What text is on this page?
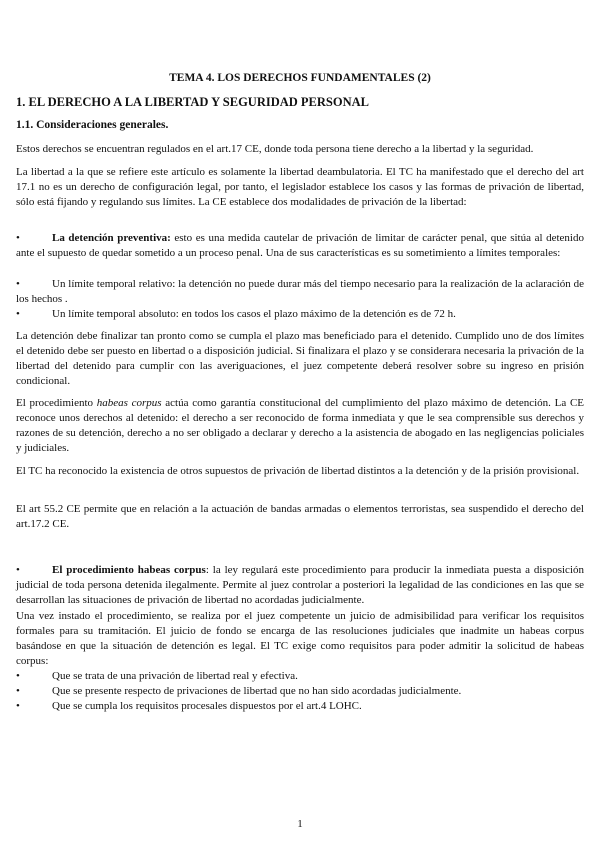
TEMA 4. LOS DERECHOS FUNDAMENTALES (2)
1. EL DERECHO A LA LIBERTAD Y SEGURIDAD PERSONAL
1.1. Consideraciones generales.

Estos derechos se encuentran regulados en el art.17 CE, donde toda persona tiene derecho a la libertad y la seguridad.

La libertad a la que se refiere este artículo es solamente la libertad deambulatoria. El TC ha manifestado que el derecho del art 17.1 no es un derecho de configuración legal, por tanto, el legislador establece los casos y las formas de privación de libertad, sólo está fijando y regulando sus límites. La CE establece dos modalidades de privación de la libertad:

•	La detención preventiva: esto es una medida cautelar de privación de limitar de carácter penal, que sitúa al detenido ante el supuesto de quedar sometido a un proceso penal. Una de sus características es su sometimiento a límites temporales:
•	Un límite temporal relativo: la detención no puede durar más del tiempo necesario para la realización de la aclaración de los hechos .
•	Un límite temporal absoluto: en todos los casos el plazo máximo de la detención es de 72 h.

La detención debe finalizar tan pronto como se cumpla el plazo mas beneficiado para el detenido. Cumplido uno de dos límites el detenido debe ser puesto en libertad o a disposición judicial. Si finalizara el plazo y se considerara necesaria la privación de la libertad del detenido para cumplir con las averiguaciones, el juez competente deberá resolver sobre su ingreso en prisión condicional.

El procedimiento habeas corpus actúa como garantía constitucional del cumplimiento del plazo máximo de detención. La CE reconoce unos derechos al detenido: el derecho a ser reconocido de forma inmediata y que le sea comprensible sus derechos y razones de su detención, derecho a no ser obligado a declarar y derecho a la asistencia de abogado en las negligencias policiales y judiciales.

El TC ha reconocido la existencia de otros supuestos de privación de libertad distintos a la detención y de la prisión provisional.

El art 55.2 CE permite que en relación a la actuación de bandas armadas o elementos terroristas, sea suspendido el derecho del art.17.2 CE.

•	El procedimiento habeas corpus: la ley regulará este procedimiento para producir la inmediata puesta a disposición judicial de toda persona detenida ilegalmente. Permite al juez controlar a posteriori la legalidad de las condiciones en las que se desarrollan las situaciones de privación de libertad no acordadas judicialmente.

Una vez instado el procedimiento, se realiza por el juez competente un juicio de admisibilidad para verificar los requisitos formales para su tramitación. El juicio de fondo se encarga de las resoluciones judiciales que inadmite un habeas corpus basándose en que la situación de detención es legal. El TC exige como requisitos para poder admitir la solicitud de habeas corpus:

•	Que se trata de una privación de libertad real y efectiva.
•	Que se presente respecto de privaciones de libertad que no han sido acordadas judicialmente.
•	Que se cumpla los requisitos procesales dispuestos por el art.4 LOHC.
1
